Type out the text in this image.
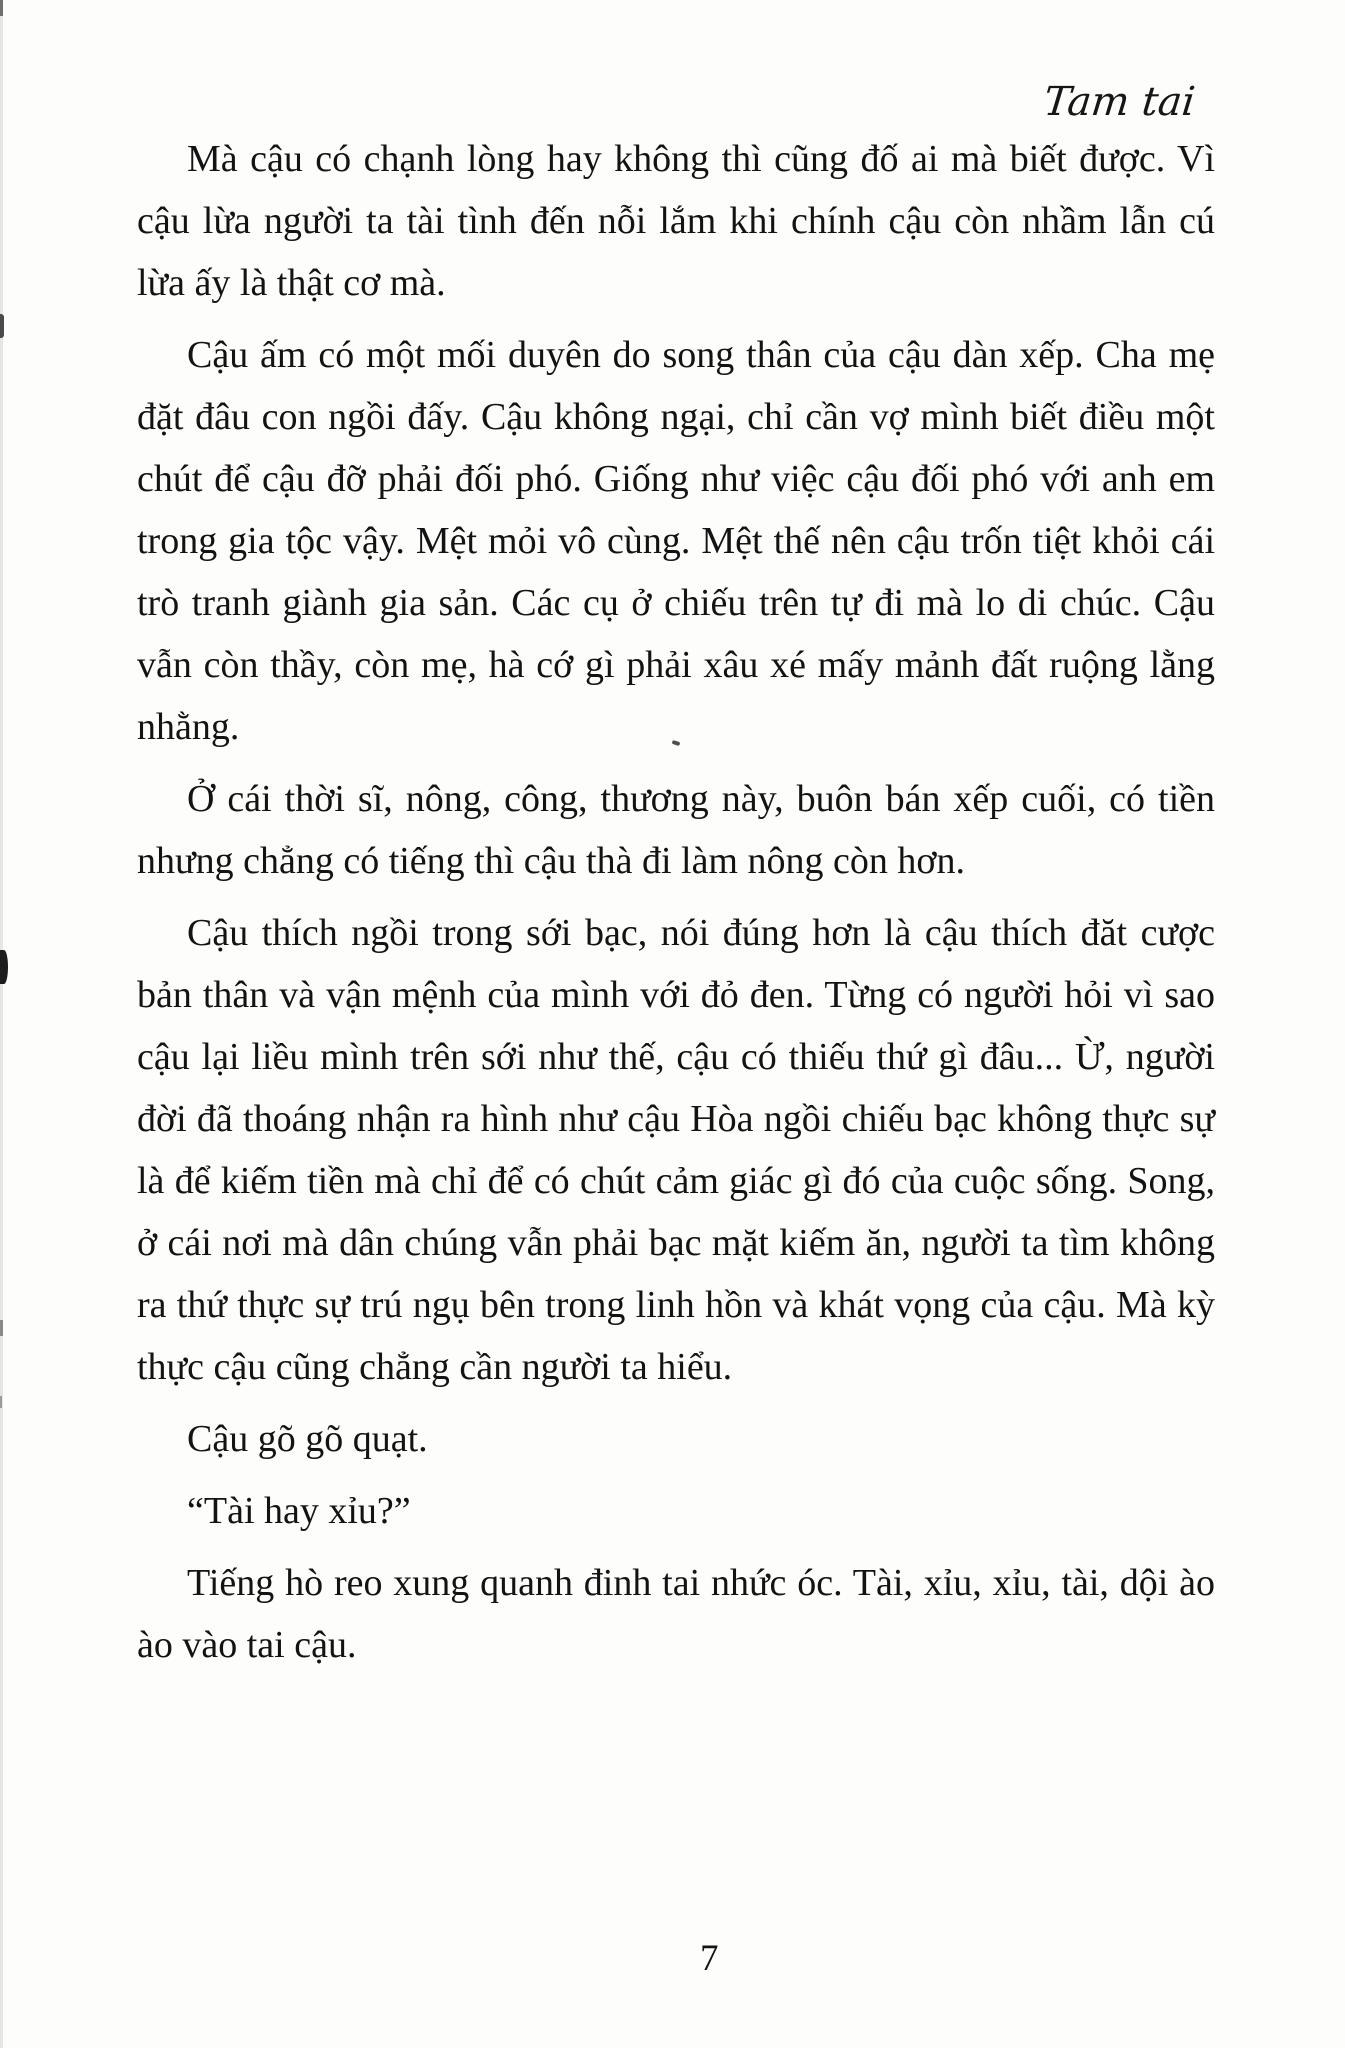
Tam tai

Mà cậu có chạnh lòng hay không thì cũng đố ai mà biết được. Vì cậu lừa người ta tài tình đến nỗi lắm khi chính cậu còn nhầm lẫn cú lừa ấy là thật cơ mà.

Cậu ấm có một mối duyên do song thân của cậu dàn xếp. Cha mẹ đặt đâu con ngồi đấy. Cậu không ngại, chỉ cần vợ mình biết điều một chút để cậu đỡ phải đối phó. Giống như việc cậu đối phó với anh em trong gia tộc vậy. Mệt mỏi vô cùng. Mệt thế nên cậu trốn tiệt khỏi cái trò tranh giành gia sản. Các cụ ở chiếu trên tự đi mà lo di chúc. Cậu vẫn còn thầy, còn mẹ, hà cớ gì phải xâu xé mấy mảnh đất ruộng lằng nhằng.

Ở cái thời sĩ, nông, công, thương này, buôn bán xếp cuối, có tiền nhưng chẳng có tiếng thì cậu thà đi làm nông còn hơn.

Cậu thích ngồi trong sới bạc, nói đúng hơn là cậu thích đăt cược bản thân và vận mệnh của mình với đỏ đen. Từng có người hỏi vì sao cậu lại liều mình trên sới như thế, cậu có thiếu thứ gì đâu... Ừ, người đời đã thoáng nhận ra hình như cậu Hòa ngồi chiếu bạc không thực sự là để kiếm tiền mà chỉ để có chút cảm giác gì đó của cuộc sống. Song, ở cái nơi mà dân chúng vẫn phải bạc mặt kiếm ăn, người ta tìm không ra thứ thực sự trú ngụ bên trong linh hồn và khát vọng của cậu. Mà kỳ thực cậu cũng chẳng cần người ta hiểu.

Cậu gõ gõ quạt.

“Tài hay xỉu?”

Tiếng hò reo xung quanh đinh tai nhức óc. Tài, xỉu, xỉu, tài, dội ào ào vào tai cậu.

7
